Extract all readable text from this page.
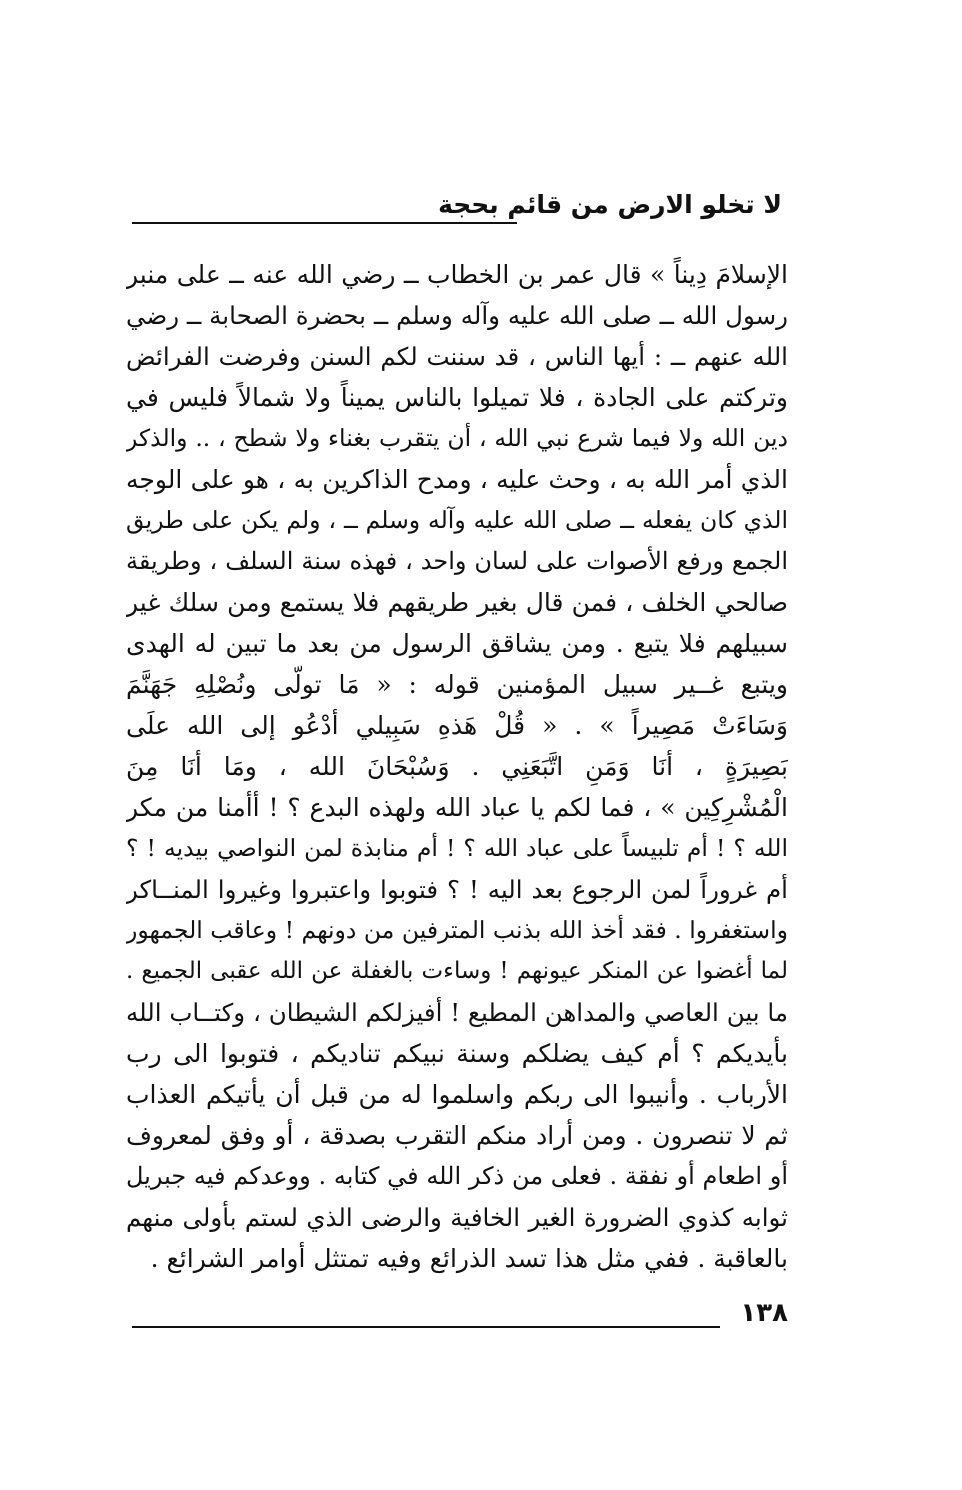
لا تخلو الارض من قائم بحجة
الإسلامَ دِيناً » قال عمر بن الخطاب ــ رضي الله عنه ــ على منبر
رسول الله ــ صلى الله عليه وآله وسلم ــ بحضرة الصحابة ــ رضي
الله عنهم ــ : أيها الناس ، قد سننت لكم السنن وفرضت الفرائض
وتركتم على الجادة ، فلا تميلوا بالناس يميناً ولا شمالاً فليس في
دين الله ولا فيما شرع نبي الله ، أن يتقرب بغناء ولا شطح ، .. والذكر
الذي أمر الله به ، وحث عليه ، ومدح الذاكرين به ، هو على الوجه
الذي كان يفعله ــ صلى الله عليه وآله وسلم ــ ، ولم يكن على طريق
الجمع ورفع الأصوات على لسان واحد ، فهذه سنة السلف ، وطريقة
صالحي الخلف ، فمن قال بغير طريقهم فلا يستمع ومن سلك غير
سبيلهم فلا يتبع . ومن يشاقق الرسول من بعد ما تبين له الهدى
ويتبع غــير سبيل المؤمنين قوله : « مَا تولّى ونُصْلِهِ جَهَنَّمَ
وَسَاءَتْ مَصِيراً » . « قُلْ هَذهِ سَبِيلي أدْعُو إلى الله علَى
بَصِيرَةٍ ، أنَا وَمَنِ اتَّبَعَنِي . وَسُبْحَانَ الله ، ومَا أنَا مِنَ
الْمُشْرِكِين » ، فما لكم يا عباد الله ولهذه البدع ؟ ! أأمنا من مكر
الله ؟ ! أم تلبيساً على عباد الله ؟ ! أم منابذة لمن النواصي بيديه ! ؟
أم غروراً لمن الرجوع بعد اليه ! ؟ فتوبوا واعتبروا وغيروا المنــاكر
واستغفروا . فقد أخذ الله بذنب المترفين من دونهم ! وعاقب الجمهور
لما أغضوا عن المنكر عيونهم ! وساءت بالغفلة عن الله عقبى الجميع .
ما بين العاصي والمداهن المطيع ! أفيزلكم الشيطان ، وكتــاب الله
بأيديكم ؟ أم كيف يضلكم وسنة نبيكم تناديكم ، فتوبوا الى رب
الأرباب . وأنيبوا الى ربكم واسلموا له من قبل أن يأتيكم العذاب
ثم لا تنصرون . ومن أراد منكم التقرب بصدقة ، أو وفق لمعروف
أو اطعام أو نفقة . فعلى من ذكر الله في كتابه . ووعدكم فيه جبريل
ثوابه كذوي الضرورة الغير الخافية والرضى الذي لستم بأولى منهم
بالعاقبة . ففي مثل هذا تسد الذرائع وفيه تمتثل أوامر الشرائع .
١٣٨
